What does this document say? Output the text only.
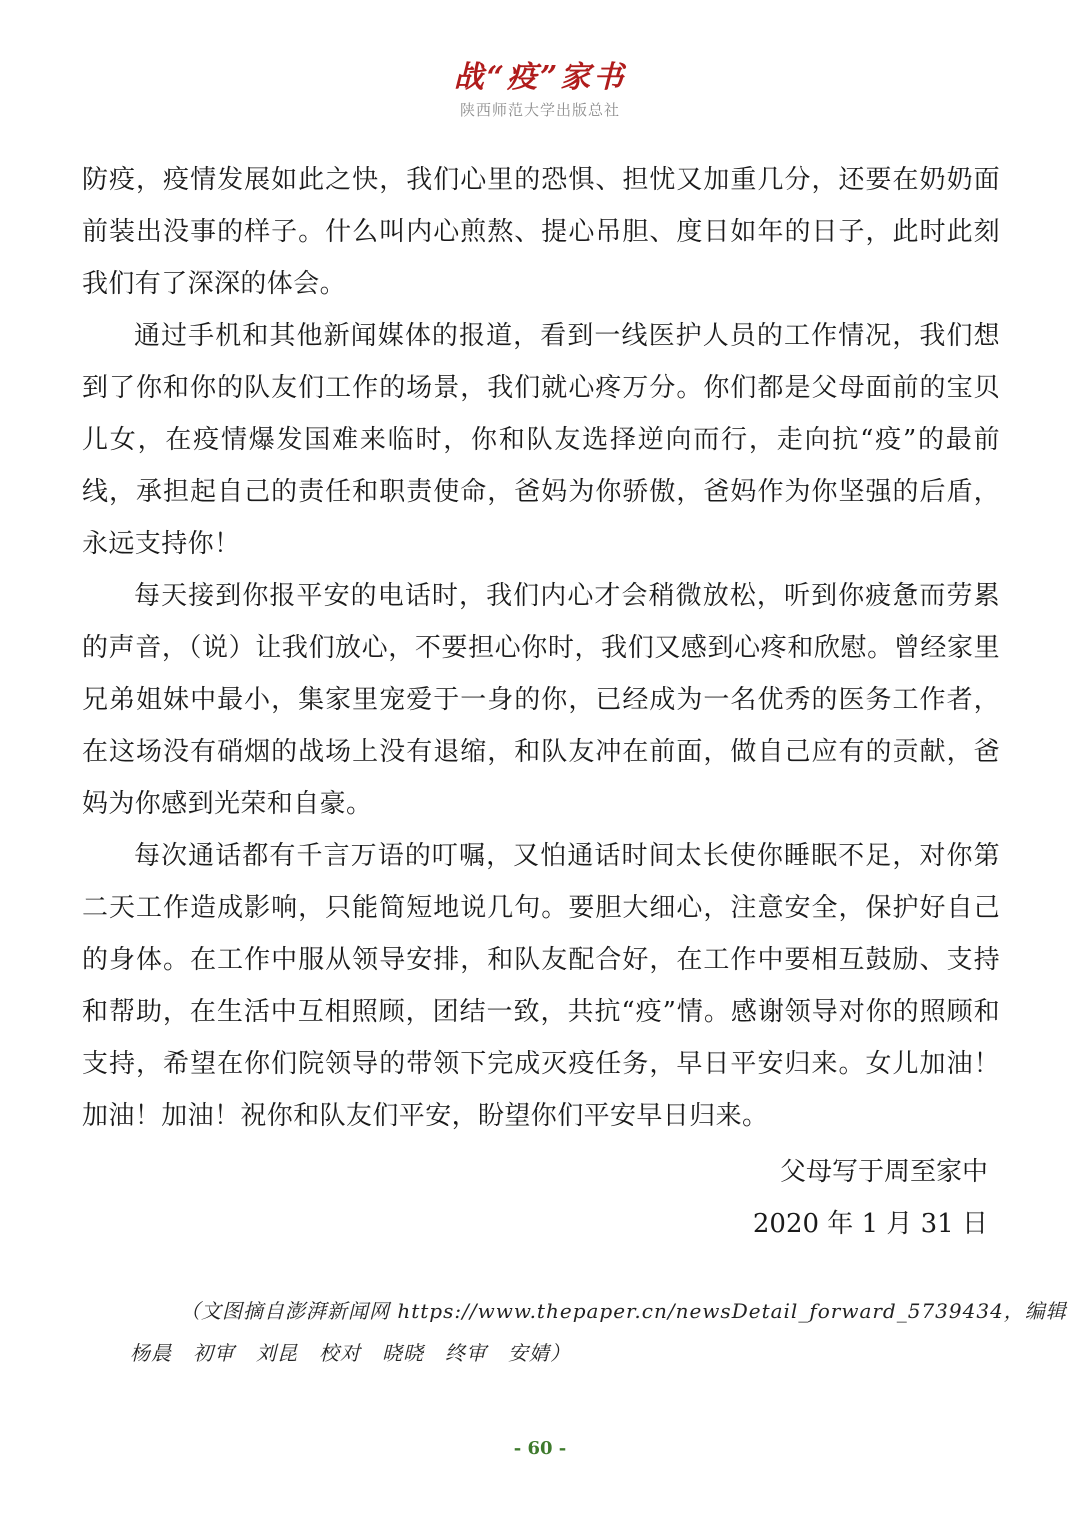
战“疫”家书
陕西师范大学出版总社

防疫，疫情发展如此之快，我们心里的恐惧、担忧又加重几分，还要在奶奶面前装出没事的样子。什么叫内心煎熬、提心吊胆、度日如年的日子，此时此刻我们有了深深的体会。

通过手机和其他新闻媒体的报道，看到一线医护人员的工作情况，我们想到了你和你的队友们工作的场景，我们就心疼万分。你们都是父母面前的宝贝儿女，在疫情爆发国难来临时，你和队友选择逆向而行，走向抗“疫”的最前线，承担起自己的责任和职责使命，爸妈为你骄傲，爸妈作为你坚强的后盾，永远支持你！

每天接到你报平安的电话时，我们内心才会稍微放松，听到你疲惫而劳累的声音，（说）让我们放心，不要担心你时，我们又感到心疼和欣慰。曾经家里兄弟姐妹中最小，集家里宠爱于一身的你，已经成为一名优秀的医务工作者，在这场没有硝烟的战场上没有退缩，和队友冲在前面，做自己应有的贡献，爸妈为你感到光荣和自豪。

每次通话都有千言万语的叮嘱，又怕通话时间太长使你睡眠不足，对你第二天工作造成影响，只能简短地说几句。要胆大细心，注意安全，保护好自己的身体。在工作中服从领导安排，和队友配合好，在工作中要相互鼓励、支持和帮助，在生活中互相照顾，团结一致，共抗“疫”情。感谢领导对你的照顾和支持，希望在你们院领导的带领下完成灭疫任务，早日平安归来。女儿加油！加油！加油！祝你和队友们平安，盼望你们平安早日归来。

父母写于周至家中
2020 年 1 月 31 日
（文图摘自澎湃新闻网 https://www.thepaper.cn/newsDetail_forward_5739434，编辑
杨晨　初审　刘昆　校对　晓晓　终审　安婧）
- 60 -
